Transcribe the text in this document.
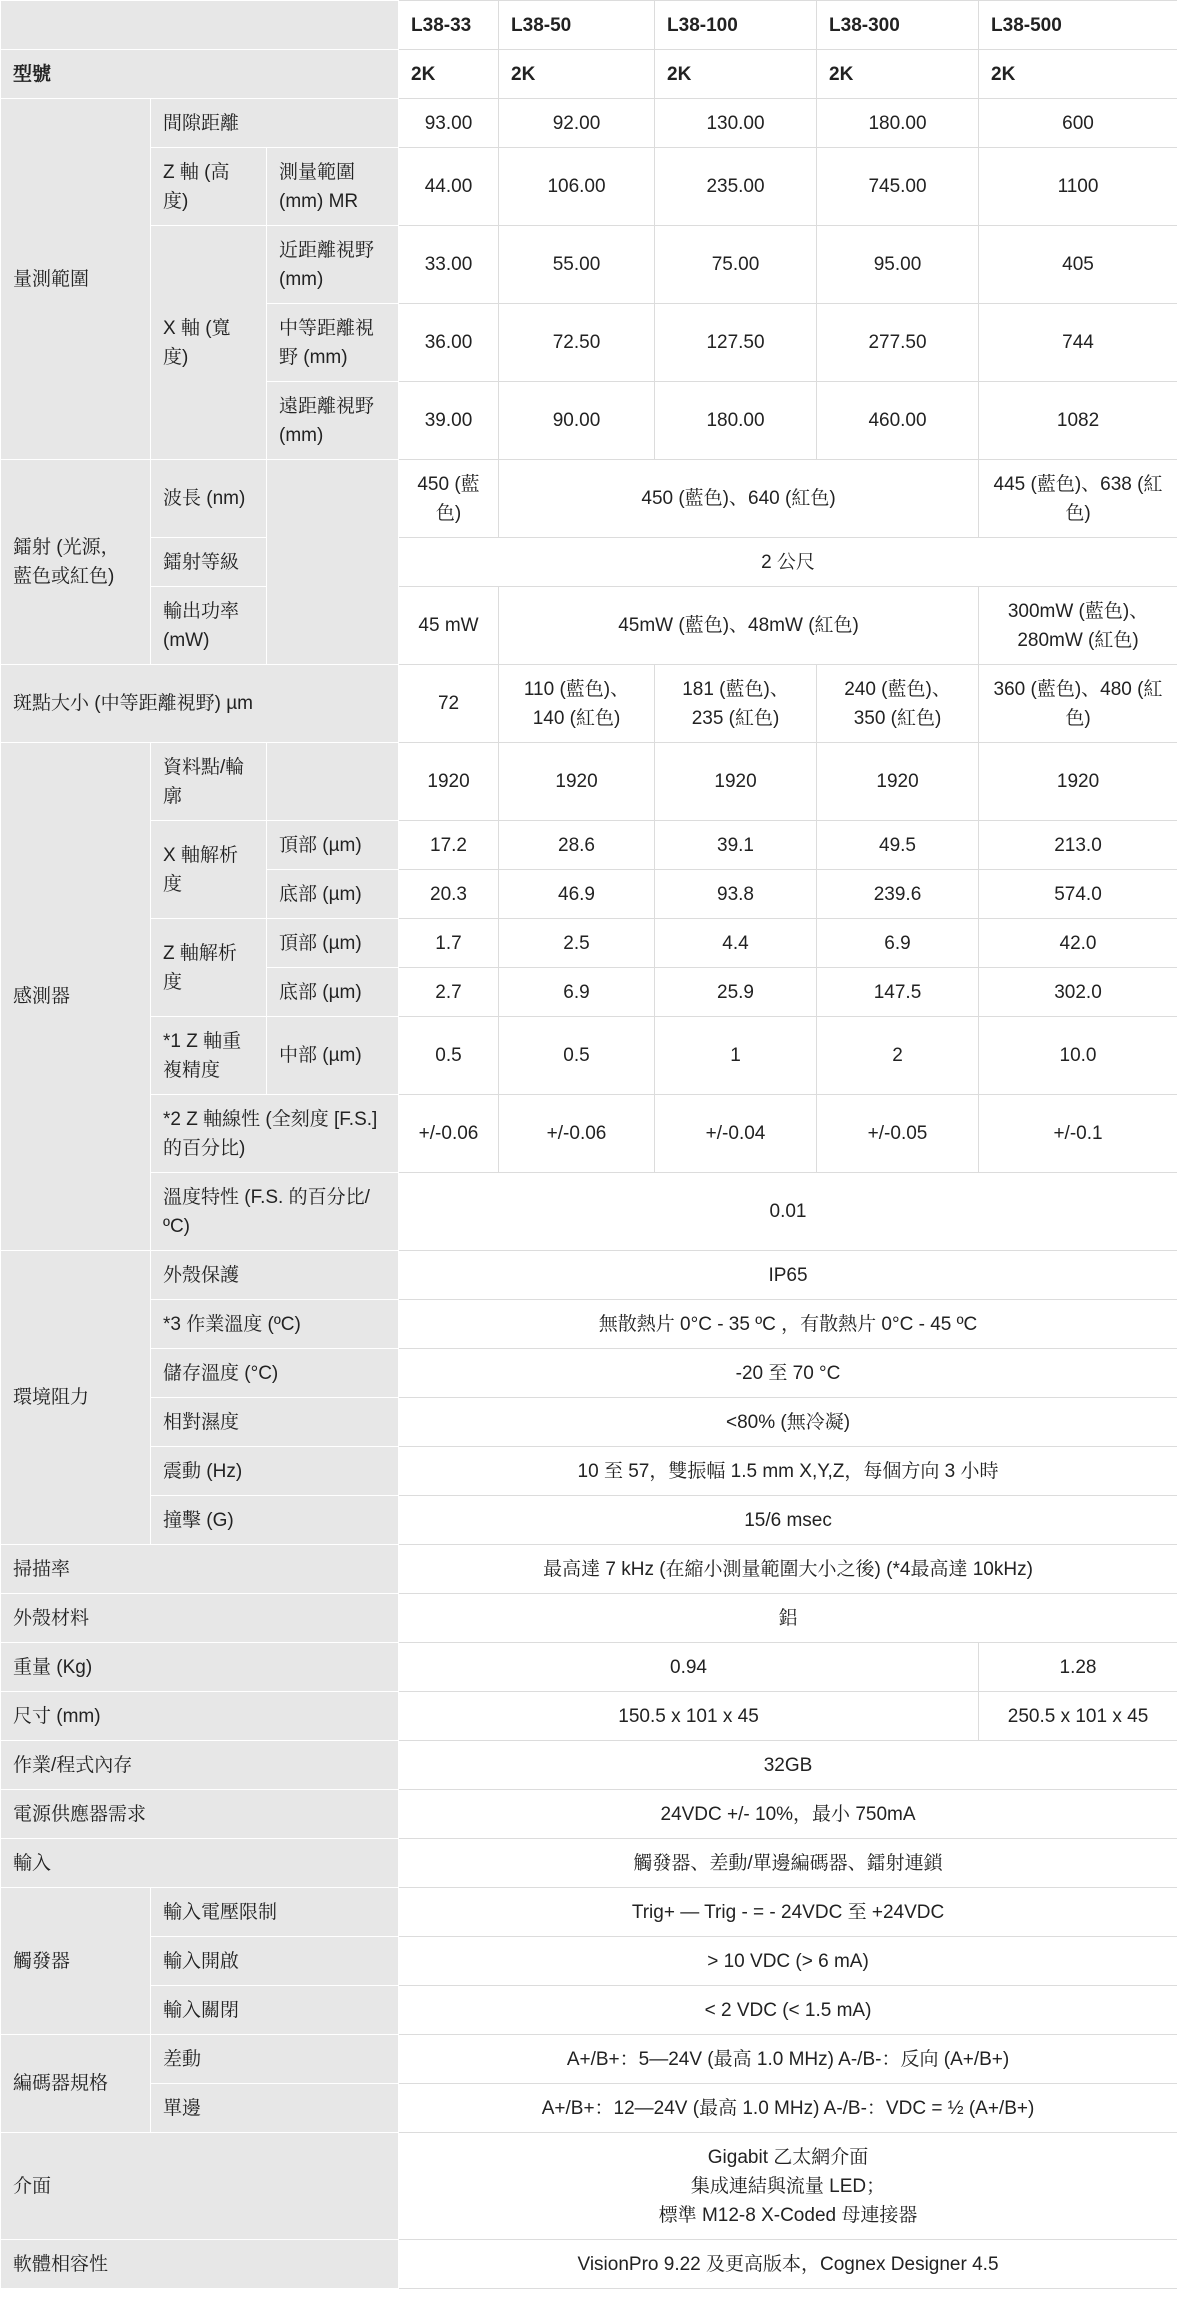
			L38-33	L38-50	L38-100	L38-300	L38-500
型號			2K	2K	2K	2K	2K
量測範圍	間隙距離		93.00	92.00	130.00	180.00	600
	Z 軸 (高度)	測量範圍 (mm) MR	44.00	106.00	235.00	745.00	1100
	X 軸 (寬度)	近距離視野 (mm)	33.00	55.00	75.00	95.00	405
		中等距離視野 (mm)	36.00	72.50	127.50	277.50	744
		遠距離視野 (mm)	39.00	90.00	180.00	460.00	1082
鐳射 (光源，藍色或紅色)	波長 (nm)		450 (藍色)	450 (藍色)、640 (紅色)			445 (藍色)、638 (紅色)
	鐳射等級		2 公尺				
	輸出功率 (mW)		45 mW	45mW (藍色)、48mW (紅色)			300mW (藍色)、280mW (紅色)
斑點大小 (中等距離視野) µm			72	110 (藍色)、140 (紅色)	181 (藍色)、235 (紅色)	240 (藍色)、350 (紅色)	360 (藍色)、480 (紅色)
感測器	資料點/輪廓		1920	1920	1920	1920	1920
	X 軸解析度	頂部 (µm)	17.2	28.6	39.1	49.5	213.0
		底部 (µm)	20.3	46.9	93.8	239.6	574.0
	Z 軸解析度	頂部 (µm)	1.7	2.5	4.4	6.9	42.0
		底部 (µm)	2.7	6.9	25.9	147.5	302.0
	*1 Z 軸重複精度	中部 (µm)	0.5	0.5	1	2	10.0
	*2 Z 軸線性 (全刻度 [F.S.] 的百分比)		+/-0.06	+/-0.06	+/-0.04	+/-0.05	+/-0.1
	溫度特性 (F.S. 的百分比/ºC)		0.01				
環境阻力	外殼保護		IP65				
	*3 作業溫度 (ºC)		無散熱片 0°C - 35 ºC ，有散熱片 0°C - 45 ºC				
	儲存溫度 (°C)		-20 至 70 °C				
	相對濕度		<80% (無冷凝)				
	震動 (Hz)		10 至 57，雙振幅 1.5 mm X,Y,Z，每個方向 3 小時				
	撞擊 (G)		15/6 msec				
掃描率			最高達 7 kHz (在縮小測量範圍大小之後) (*4最高達 10kHz)				
外殼材料			鋁				
重量 (Kg)			0.94				1.28
尺寸 (mm)			150.5 x 101 x 45				250.5 x 101 x 45
作業/程式內存			32GB				
電源供應器需求			24VDC +/- 10%，最小 750mA				
輸入			觸發器、差動/單邊編碼器、鐳射連鎖				
觸發器	輸入電壓限制		Trig+ — Trig - = - 24VDC 至 +24VDC				
	輸入開啟		> 10 VDC (> 6 mA)				
	輸入關閉		< 2 VDC (< 1.5 mA)				
編碼器規格	差動		A+/B+：5—24V (最高 1.0 MHz) A-/B-：反向 (A+/B+)				
	單邊		A+/B+：12—24V (最高 1.0 MHz) A-/B-：VDC = ½ (A+/B+)				
介面			Gigabit 乙太網介面
集成連結與流量 LED；
標準 M12-8 X-Coded 母連接器				

軟體相容性			VisionPro 9.22 及更高版本，Cognex Designer 4.5				
